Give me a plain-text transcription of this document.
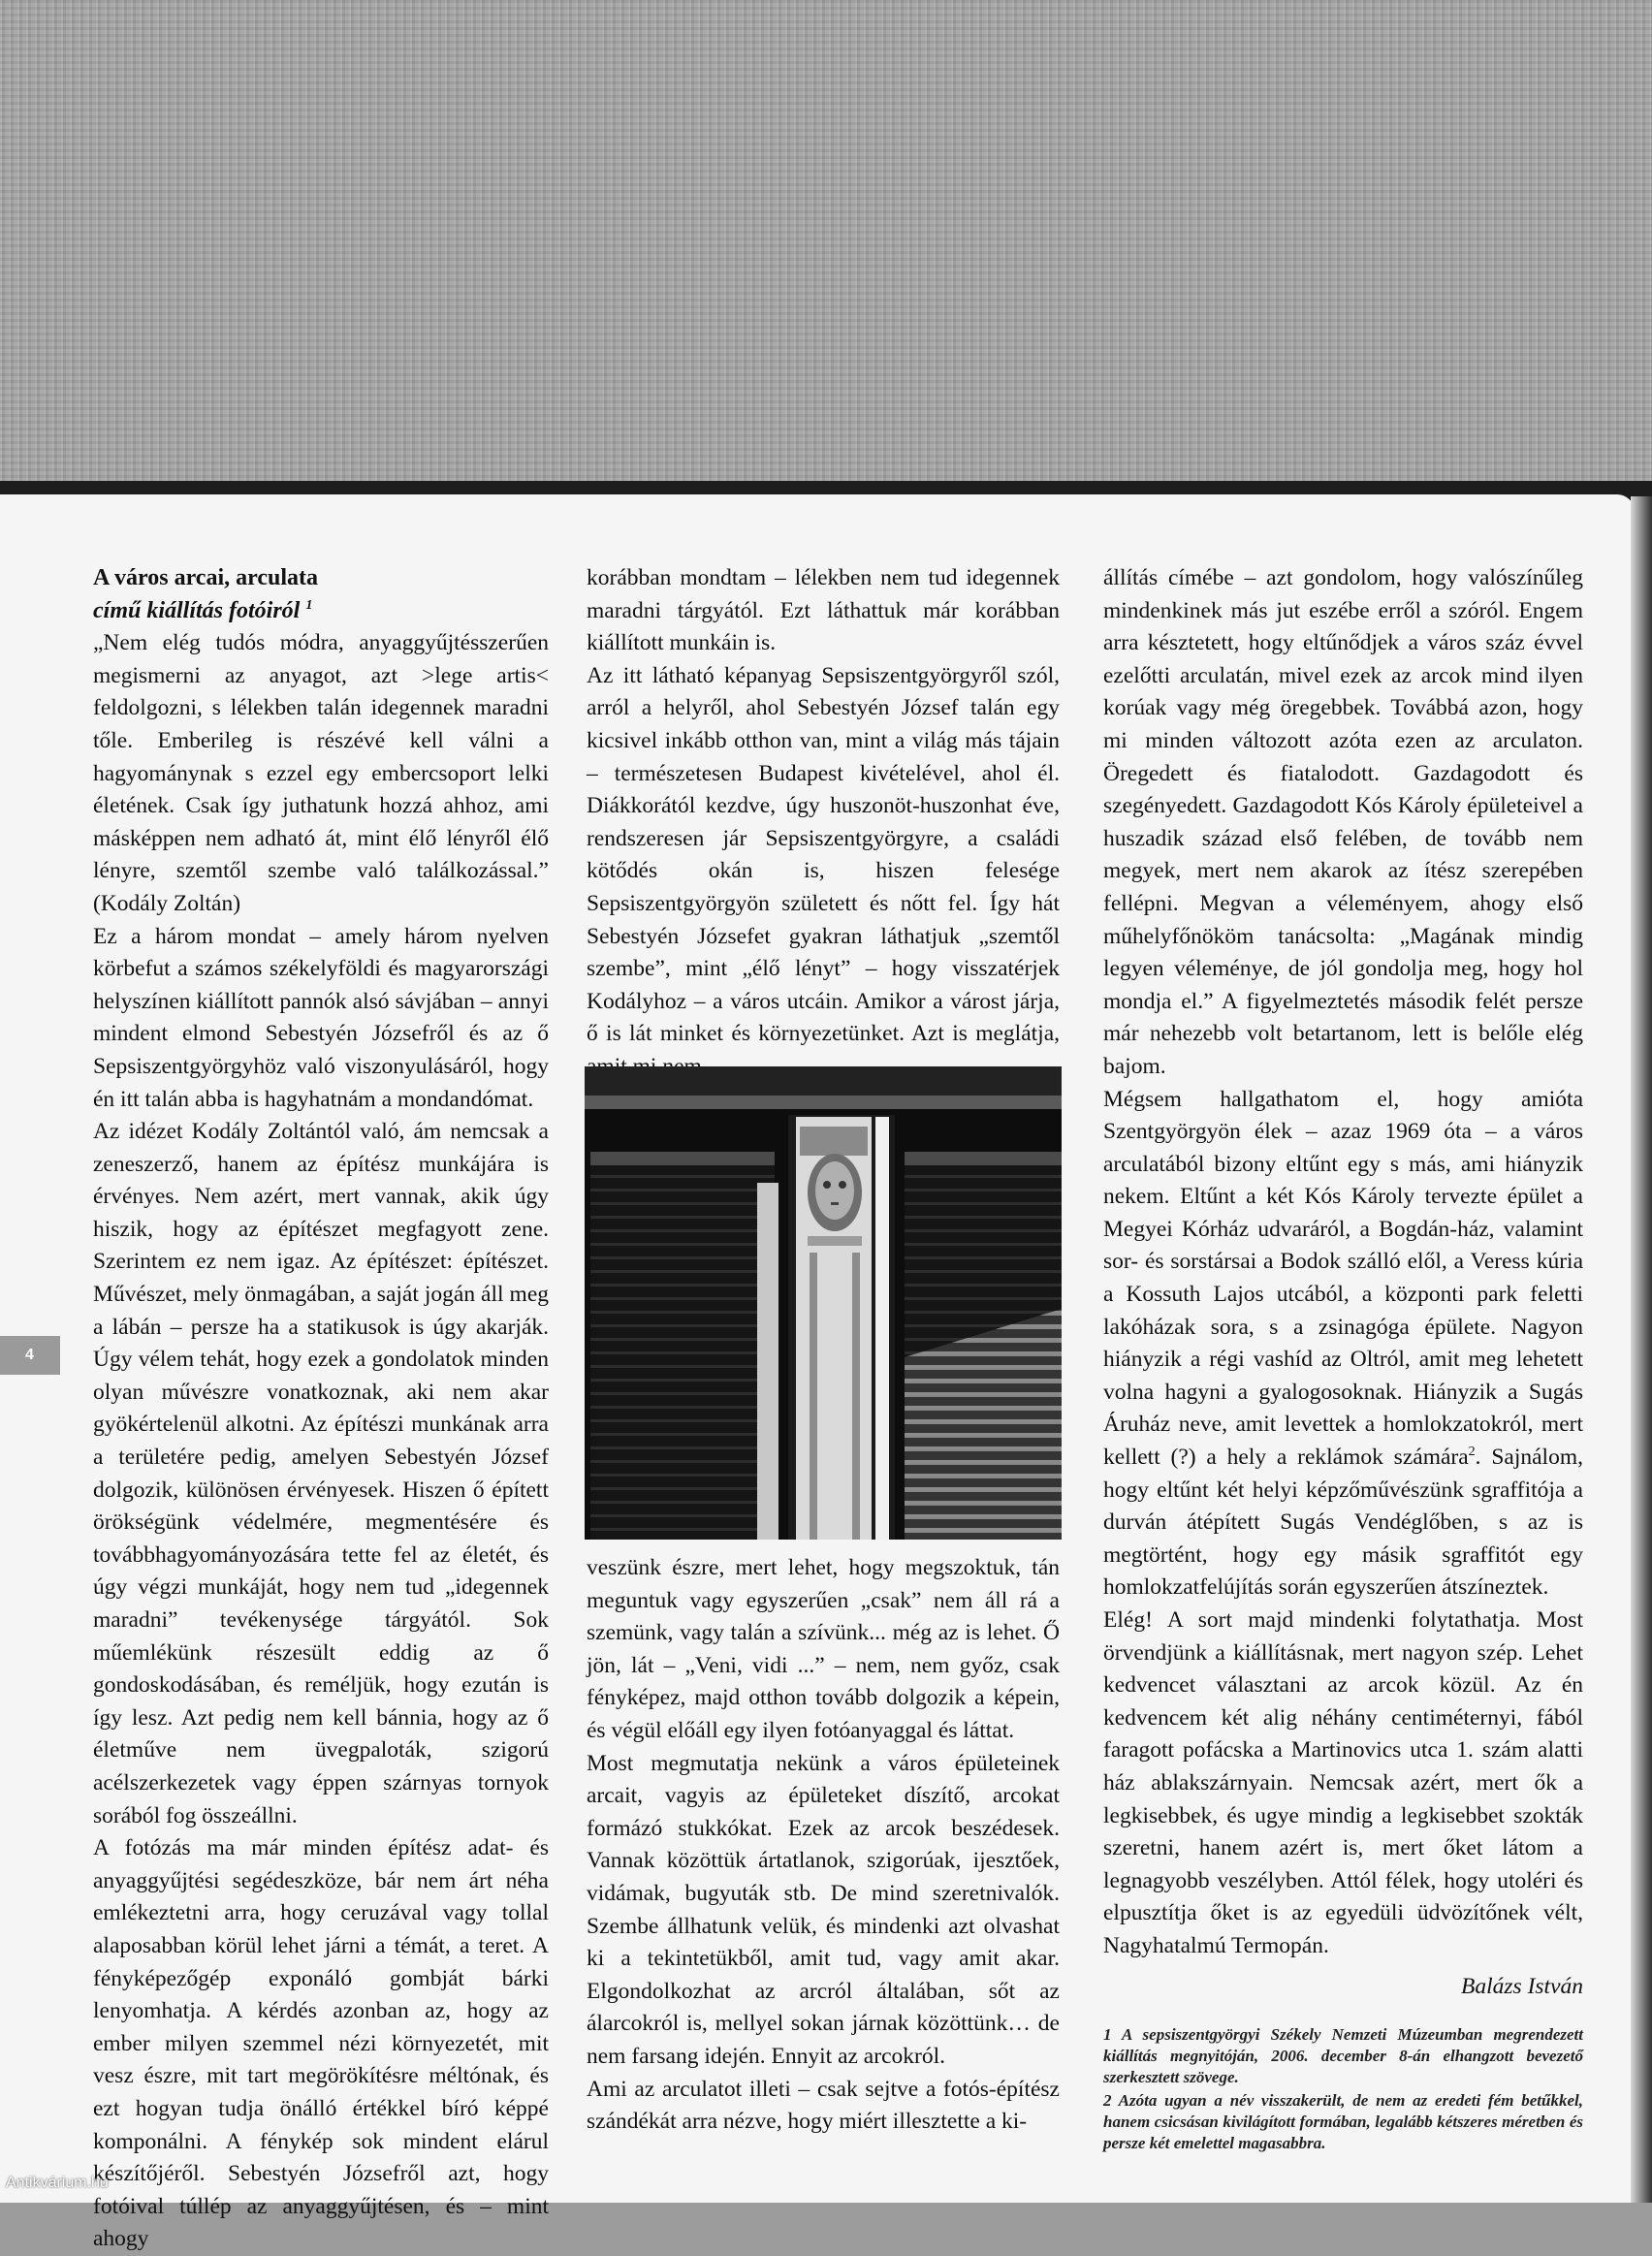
A város arcai, arculata

című kiállítás fotóiról $^1$

„Nem elég tudós módra, anyaggyűjtésszerűen megismerni az anyagot, azt >lege artis< feldolgozni, s lélekben talán idegennek maradni tőle. Emberileg is részévé kell válni a hagyománynak s ezzel egy embercsoport lelki életének. Csak így juthatunk hozzá ahhoz, ami másképpen nem adható át, mint élő lényről élő lényre, szemtől szembe való találkozással.” (Kodály Zoltán)

Ez a három mondat – amely három nyelven körbefut a számos székelyföldi és magyarországi helyszínen kiállított pannók alsó sávjában – annyi mindent elmond Sebestyén Józsefről és az ő Sepsiszentgyörgyhöz való viszonyulásáról, hogy én itt talán abba is hagyhatnám a mondandómat.

Az idézet Kodály Zoltántól való, ám nemcsak a zeneszerző, hanem az építész munkájára is érvényes. Nem azért, mert vannak, akik úgy hiszik, hogy az építészet megfagyott zene. Szerintem ez nem igaz. Az építészet: építészet. Művészet, mely önmagában, a saját jogán áll meg a lábán – persze ha a statikusok is úgy akarják. Úgy vélem tehát, hogy ezek a gondolatok minden olyan művészre vonatkoznak, aki nem akar gyökértelenül alkotni. Az építészi munkának arra a területére pedig, amelyen Sebestyén József dolgozik, különösen érvényesek. Hiszen ő épített örökségünk védelmére, megmentésére és továbbhagyományozására tette fel az életét, és úgy végzi munkáját, hogy nem tud „idegennek maradni” tevékenysége tárgyától. Sok műemlékünk részesült eddig az ő gondoskodásában, és reméljük, hogy ezután is így lesz. Azt pedig nem kell bánnia, hogy az ő életműve nem üvegpaloták, szigorú acélszerkezetek vagy éppen szárnyas tornyok sorából fog összeállni.

A fotózás ma már minden építész adat- és anyaggyűjtési segédeszköze, bár nem árt néha emlékeztetni arra, hogy ceruzával vagy tollal alaposabban körül lehet járni a témát, a teret. A fényképezőgép exponáló gombját bárki lenyomhatja. A kérdés azonban az, hogy az ember milyen szemmel nézi környezetét, mit vesz észre, mit tart megörökítésre méltónak, és ezt hogyan tudja önálló értékkel bíró képpé komponálni. A fénykép sok mindent elárul készítőjéről. Sebestyén Józsefről azt, hogy fotóival túllép az anyaggyűjtésen, és – mint ahogy

korábban mondtam – lélekben nem tud idegennek maradni tárgyától. Ezt láthattuk már korábban kiállított munkáin is.

Az itt látható képanyag Sepsiszentgyörgyről szól, arról a helyről, ahol Sebestyén József talán egy kicsivel inkább otthon van, mint a világ más tájain – természetesen Budapest kivételével, ahol él. Diákkorától kezdve, úgy huszonöt-huszonhat éve, rendszeresen jár Sepsiszentgyörgyre, a családi kötődés okán is, hiszen felesége Sepsiszentgyörgyön született és nőtt fel. Így hát Sebestyén Józsefet gyakran láthatjuk „szemtől szembe”, mint „élő lényt” – hogy visszatérjek Kodályhoz – a város utcáin. Amikor a várost járja, ő is lát minket és környezetünket. Azt is meglátja,

veszünk észre, mert lehet, hogy megszoktuk, tán meguntuk vagy egyszerűen „csak” nem áll rá a szemünk, vagy talán a szívünk... még az is lehet. Ő jön, lát – „Veni, vidi ...” – nem, nem győz, csak fényképez, majd otthon tovább dolgozik a képein, és végül előáll egy ilyen fotóanyaggal és láttat.

Most megmutatja nekünk a város épületeinek arcait, vagyis az épületeket díszítő, arcokat formázó stukkókat. Ezek az arcok beszédesek. Vannak közöttük ártatlanok, szigorúak, ijesztőek, vidámak, bugyuták stb. De mind szeretnivalók. Szembe állhatunk velük, és mindenki azt olvashat ki a tekintetükből, amit tud, vagy amit akar. Elgondolkozhat az arcról általában, sőt az álarcokról is, mellyel sokan járnak közöttünk… de nem farsang idején. Ennyit az arcokról.

Ami az arculatot illeti – csak sejtve a fotós-építész szándékát arra nézve, hogy miért illesztette a ki-

állítás címébe – azt gondolom, hogy valószínűleg mindenkinek más jut eszébe erről a szóról. Engem arra késztetett, hogy eltűnődjek a város száz évvel ezelőtti arculatán, mivel ezek az arcok mind ilyen korúak vagy még öregebbek. Továbbá azon, hogy mi minden változott azóta ezen az arculaton. Öregedett és fiatalodott. Gazdagodott és szegényedett. Gazdagodott Kós Károly épületeivel a huszadik század első felében, de tovább nem megyek, mert nem akarok az ítész szerepében fellépni. Megvan a véleményem, ahogy első műhelyfőnököm tanácsolta: „Magának mindig legyen véleménye, de jól gondolja meg, hogy hol mondja el.” A figyelmeztetés második felét persze már nehezebb volt betartanom, lett is belőle elég bajom.

Mégsem hallgathatom el, hogy amióta Szentgyörgyön élek – azaz 1969 óta – a város arculatából bizony eltűnt egy s más, ami hiányzik nekem. Eltűnt a két Kós Károly tervezte épület a Megyei Kórház udvaráról, a Bogdán-ház, valamint sor- és sorstársai a Bodok szálló elől, a Veress kúria a Kossuth Lajos utcából, a központi park feletti lakóházak sora, s a zsinagóga épülete. Nagyon hiányzik a régi vashíd az Oltról, amit meg lehetett volna hagyni a gyalogosoknak. Hiányzik a Sugás Áruház neve, amit levettek a homlokzatokról, mert kellett (?) a hely a reklámok számára$^2$. Sajnálom, hogy eltűnt két helyi képzőművészünk sgraffitója a durván átépített Sugás Vendéglőben, s az is megtörtént, hogy egy másik sgraffitót egy homlokzatfelújítás során egyszerűen átszíneztek.

Elég! A sort majd mindenki folytathatja. Most örvendjünk a kiállításnak, mert nagyon szép. Lehet kedvencet választani az arcok közül. Az én kedvencem két alig néhány centiméternyi, fából faragott pofácska a Martinovics utca 1. szám alatti ház ablakszárnyain. Nemcsak azért, mert ők a legkisebbek, és ugye mindig a legkisebbet szokták szeretni, hanem azért is, mert őket látom a legnagyobb veszélyben. Attól félek, hogy utoléri és elpusztítja őket is az egyedüli üdvözítőnek vélt, Nagyhatalmú Termopán.

Balázs István

1 A sepsiszentgyörgyi Székely Nemzeti Múzeumban megrendezett kiállítás megnyitóján, 2006. december 8-án elhangzott bevezető szerkesztett szövege.

2 Azóta ugyan a név visszakerült, de nem az eredeti fém betűkkel, hanem csicsásan kivilágított formában, legalább kétszeres méretben és persze két emelettel magasabbra.

4
Antikvárium.hu
